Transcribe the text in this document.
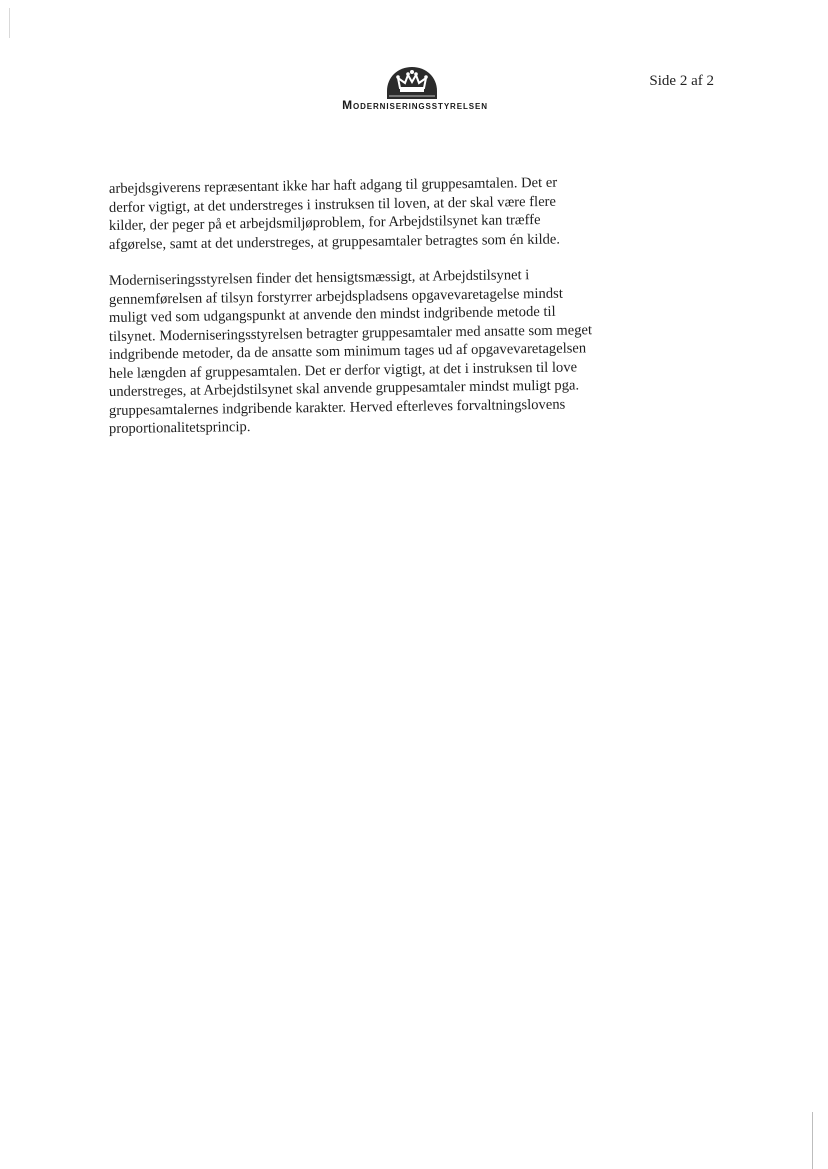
Moderniseringsstyrelsen
Side 2 af 2

arbejdsgiverens repræsentant ikke har haft adgang til gruppesamtalen. Det er
derfor vigtigt, at det understreges i instruksen til loven, at der skal være flere
kilder, der peger på et arbejdsmiljøproblem, for Arbejdstilsynet kan træffe
afgørelse, samt at det understreges, at gruppesamtaler betragtes som én kilde.

Moderniseringsstyrelsen finder det hensigtsmæssigt, at Arbejdstilsynet i
gennemførelsen af tilsyn forstyrrer arbejdspladsens opgavevaretagelse mindst
muligt ved som udgangspunkt at anvende den mindst indgribende metode til
tilsynet. Moderniseringsstyrelsen betragter gruppesamtaler med ansatte som meget
indgribende metoder, da de ansatte som minimum tages ud af opgavevaretagelsen
hele længden af gruppesamtalen. Det er derfor vigtigt, at det i instruksen til love
understreges, at Arbejdstilsynet skal anvende gruppesamtaler mindst muligt pga.
gruppesamtalernes indgribende karakter. Herved efterleves forvaltningslovens
proportionalitetsprincip.
